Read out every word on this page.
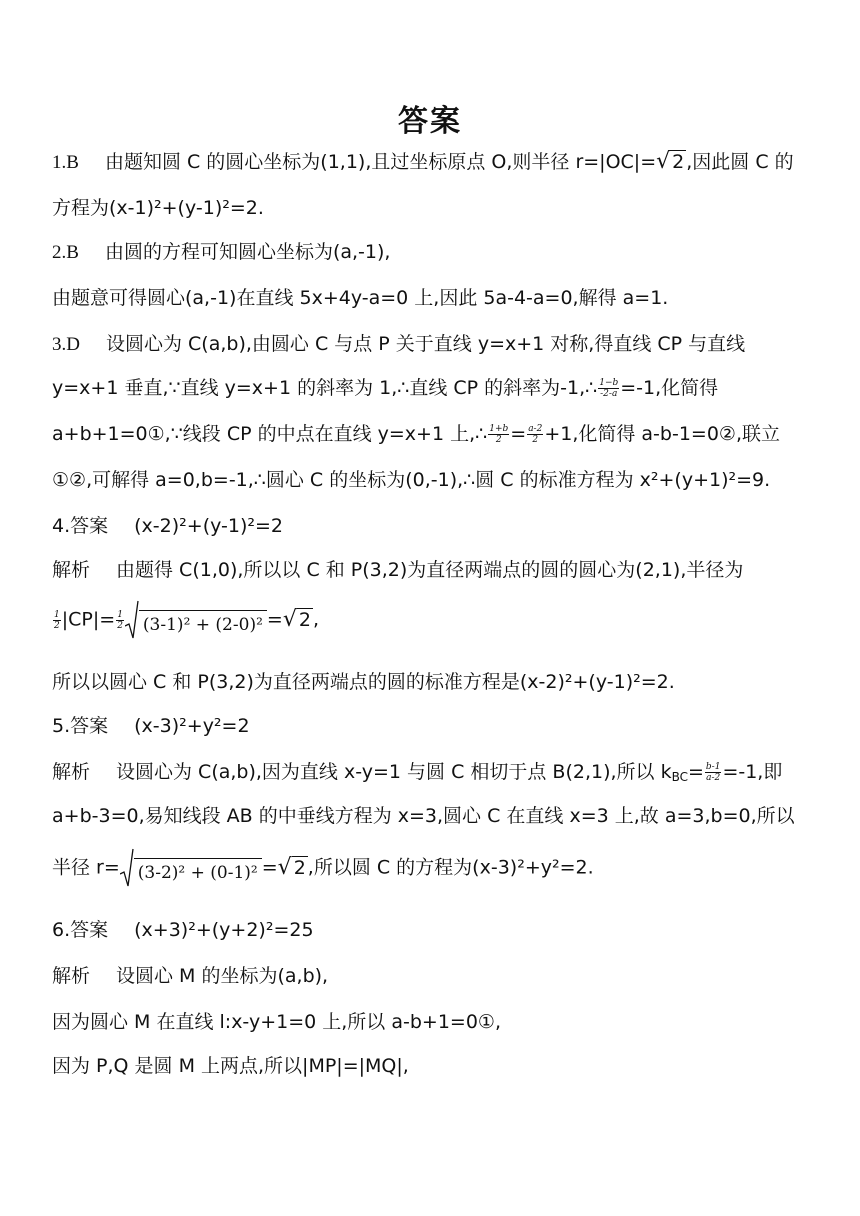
答案
1.B 由题知圆 C 的圆心坐标为(1,1),且过坐标原点 O,则半径 r=|OC|=√ 2 ,因此圆 C 的
方程为(x-1)²+(y-1)²=2.
2.B 由圆的方程可知圆心坐标为(a,-1),
由题意可得圆心(a,-1)在直线 5x+4y-a=0 上,因此 5a-4-a=0,解得 a=1.
3.D 设圆心为 C(a,b),由圆心 C 与点 P 关于直线 y=x+1 对称,得直线 CP 与直线
y=x+1 垂直,∵直线 y=x+1 的斜率为 1,∴直线 CP 的斜率为-1,∴ $\frac{1-b}{-2-a} =-1$,化简得
a+b+1=0①,∵线段 CP 的中点在直线 y=x+1 上,∴ $\frac{1+b}{2} = \frac{a-2}{2} +1$,化简得 a-b-1=0②,联立
①②,可解得 a=0,b=-1,∴圆心 C 的坐标为(0,-1),∴圆 C 的标准方程为 x²+(y+1)²=9.
4.答案 (x-2)²+(y-1)²=2
解析 由题得 C(1,0),所以以 C 和 P(3,2)为直径两端点的圆的圆心为(2,1),半径为
$\frac{1}{2} |CP|= \frac{1}{2} (3-1)^2 + (2-0)^2$ =√ 2 ,
所以以圆心 C 和 P(3,2)为直径两端点的圆的标准方程是(x-2)²+(y-1)²=2.
5.答案 (x-3)²+y²=2
解析 设圆心为 C(a,b),因为直线 x-y=1 与圆 C 相切于点 B(2,1),所以 $k_{BC}= \frac{b-1}{a-2} =-1$,即
a+b-3=0,易知线段 AB 的中垂线方程为 x=3,圆心 C 在直线 x=3 上,故 a=3,b=0,所以
半径 r= (3-2)² + (0-1)² =√ 2 ,所以圆 C 的方程为(x-3)²+y²=2.
6.答案 (x+3)²+(y+2)²=25
解析 设圆心 M 的坐标为(a,b),
因为圆心 M 在直线 l:x-y+1=0 上,所以 a-b+1=0①,
因为 P,Q 是圆 M 上两点,所以|MP|=|MQ|,
